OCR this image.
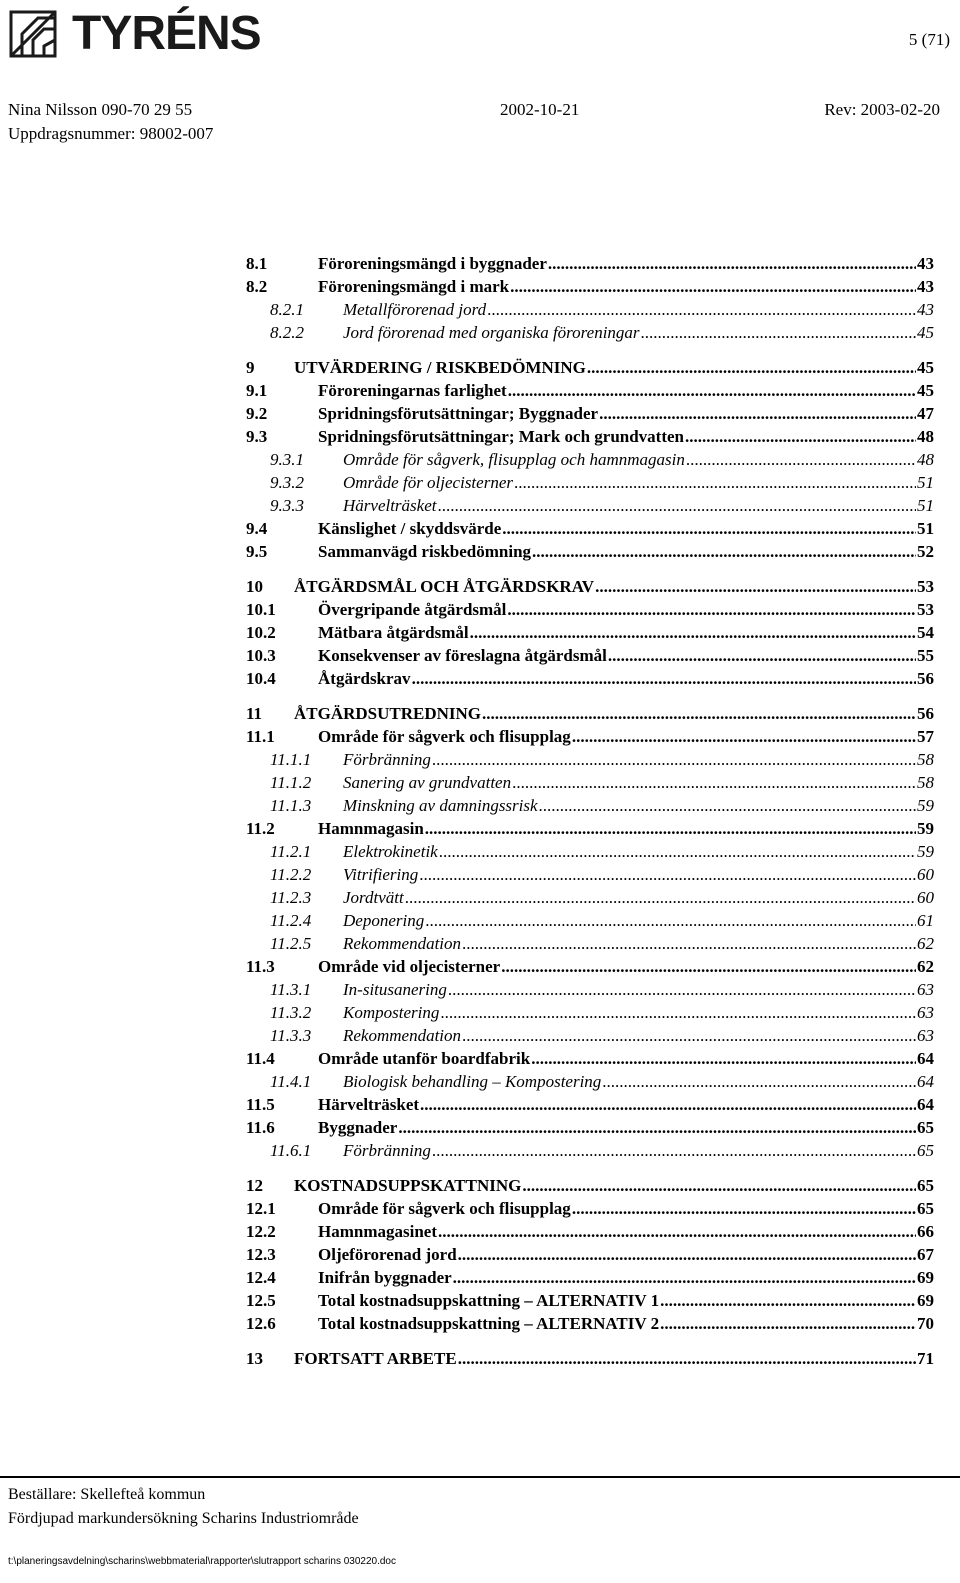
TYRÉNS	5 (71)
Nina Nilsson 090-70 29 55	2002-10-21	Rev: 2003-02-20
Uppdragsnummer: 98002-007
8.1	Föroreningsmängd i byggnader .....	43
8.2	Föroreningsmängd i mark .....	43
8.2.1	Metallförorenad jord .....	43
8.2.2	Jord förorenad med organiska föroreningar .....	45
9	UTVÄRDERING / RISKBEDÖMNING .....	45
9.1	Föroreningarnas farlighet .....	45
9.2	Spridningsförutsättningar; Byggnader .....	47
9.3	Spridningsförutsättningar; Mark och grundvatten .....	48
9.3.1	Område för sågverk, flisupplag och hamnmagasin .....	48
9.3.2	Område för oljecisterner .....	51
9.3.3	Härvelträsket .....	51
9.4	Känslighet / skyddsvärde .....	51
9.5	Sammanvägd riskbedömning .....	52
10	ÅTGÄRDSMÅL OCH ÅTGÄRDSKRAV .....	53
10.1	Övergripande åtgärdsmål .....	53
10.2	Mätbara åtgärdsmål .....	54
10.3	Konsekvenser av föreslagna åtgärdsmål .....	55
10.4	Åtgärdskrav .....	56
11	ÅTGÄRDSUTREDNING .....	56
11.1	Område för sågverk och flisupplag .....	57
11.1.1	Förbränning .....	58
11.1.2	Sanering av grundvatten .....	58
11.1.3	Minskning av damningssrisk .....	59
11.2	Hamnmagasin .....	59
11.2.1	Elektrokinetik .....	59
11.2.2	Vitrifiering .....	60
11.2.3	Jordtvätt .....	60
11.2.4	Deponering .....	61
11.2.5	Rekommendation .....	62
11.3	Område vid oljecisterner .....	62
11.3.1	In-situsanering .....	63
11.3.2	Kompostering .....	63
11.3.3	Rekommendation .....	63
11.4	Område utanför boardfabrik .....	64
11.4.1	Biologisk behandling – Kompostering .....	64
11.5	Härvelträsket .....	64
11.6	Byggnader .....	65
11.6.1	Förbränning .....	65
12	KOSTNADSUPPSKATTNING .....	65
12.1	Område för sågverk och flisupplag .....	65
12.2	Hamnmagasinet .....	66
12.3	Oljeförorenad jord .....	67
12.4	Inifrån byggnader .....	69
12.5	Total kostnadsuppskattning – ALTERNATIV 1 .....	69
12.6	Total kostnadsuppskattning – ALTERNATIV 2 .....	70
13	FORTSATT ARBETE .....	71
Beställare: Skellefteå kommun
Fördjupad markundersökning Scharins Industriområde
t:\planeringsavdelning\scharins\webbmaterial\rapporter\slutrapport scharins 030220.doc
